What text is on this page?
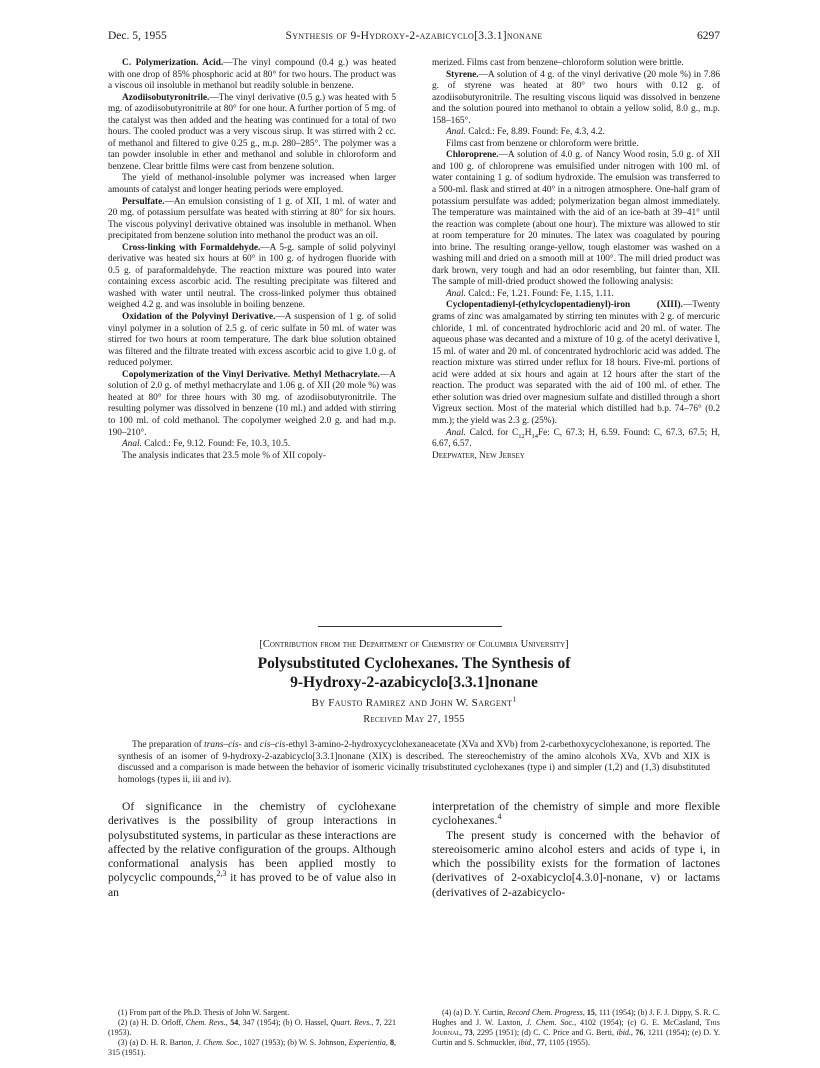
Dec. 5, 1955	Synthesis of 9-Hydroxy-2-azabicyclo[3.3.1]nonane	6297

C. Polymerization. Acid.—The vinyl compound (0.4 g.) was heated with one drop of 85% phosphoric acid at 80° for two hours. The product was a viscous oil insoluble in methanol but readily soluble in benzene.

Azodiisobutyronitrile.—The vinyl derivative (0.5 g.) was heated with 5 mg. of azodiisobutyronitrile at 80° for one hour. A further portion of 5 mg. of the catalyst was then added and the heating was continued for a total of two hours. The cooled product was a very viscous sirup. It was stirred with 2 cc. of methanol and filtered to give 0.25 g., m.p. 280–285°. The polymer was a tan powder insoluble in ether and methanol and soluble in chloroform and benzene. Clear brittle films were cast from benzene solution.

The yield of methanol-insoluble polymer was increased when larger amounts of catalyst and longer heating periods were employed.

Persulfate.—An emulsion consisting of 1 g. of XII, 1 ml. of water and 20 mg. of potassium persulfate was heated with stirring at 80° for six hours. The viscous polyvinyl derivative obtained was insoluble in methanol. When precipitated from benzene solution into methanol the product was an oil.

Cross-linking with Formaldehyde.—A 5-g. sample of solid polyvinyl derivative was heated six hours at 60° in 100 g. of hydrogen fluoride with 0.5 g. of paraformaldehyde. The reaction mixture was poured into water containing excess ascorbic acid. The resulting precipitate was filtered and washed with water until neutral. The cross-linked polymer thus obtained weighed 4.2 g. and was insoluble in boiling benzene.

Oxidation of the Polyvinyl Derivative.—A suspension of 1 g. of solid vinyl polymer in a solution of 2.5 g. of ceric sulfate in 50 ml. of water was stirred for two hours at room temperature. The dark blue solution obtained was filtered and the filtrate treated with excess ascorbic acid to give 1.0 g. of reduced polymer.

Copolymerization of the Vinyl Derivative. Methyl Methacrylate.—A solution of 2.0 g. of methyl methacrylate and 1.06 g. of XII (20 mole %) was heated at 80° for three hours with 30 mg. of azodiisobutyronitrile. The resulting polymer was dissolved in benzene (10 ml.) and added with stirring to 100 ml. of cold methanol. The copolymer weighed 2.0 g. and had m.p. 190–210°.

Anal. Calcd.: Fe, 9.12. Found: Fe, 10.3, 10.5.

The analysis indicates that 23.5 mole % of XII copoly-

merized. Films cast from benzene–chloroform solution were brittle.

Styrene.—A solution of 4 g. of the vinyl derivative (20 mole %) in 7.86 g. of styrene was heated at 80° two hours with 0.12 g. of azodiisobutyronitrile. The resulting viscous liquid was dissolved in benzene and the solution poured into methanol to obtain a yellow solid, 8.0 g., m.p. 158–165°.

Anal. Calcd.: Fe, 8.89. Found: Fe, 4.3, 4.2.

Films cast from benzene or chloroform were brittle.

Chloroprene.—A solution of 4.0 g. of Nancy Wood rosin, 5.0 g. of XII and 100 g. of chloroprene was emulsified under nitrogen with 100 ml. of water containing 1 g. of sodium hydroxide. The emulsion was transferred to a 500-ml. flask and stirred at 40° in a nitrogen atmosphere. One-half gram of potassium persulfate was added; polymerization began almost immediately. The temperature was maintained with the aid of an ice-bath at 39–41° until the reaction was complete (about one hour). The mixture was allowed to stir at room temperature for 20 minutes. The latex was coagulated by pouring into brine. The resulting orange-yellow, tough elastomer was washed on a washing mill and dried on a smooth mill at 100°. The mill dried product was dark brown, very tough and had an odor resembling, but fainter than, XII. The sample of mill-dried product showed the following analysis:

Anal. Calcd.: Fe, 1.21. Found: Fe, 1.15, 1.11.

Cyclopentadienyl-(ethylcyclopentadienyl)-iron (XIII).—Twenty grams of zinc was amalgamated by stirring ten minutes with 2 g. of mercuric chloride, 1 ml. of concentrated hydrochloric acid and 20 ml. of water. The aqueous phase was decanted and a mixture of 10 g. of the acetyl derivative I, 15 ml. of water and 20 ml. of concentrated hydrochloric acid was added. The reaction mixture was stirred under reflux for 18 hours. Five-ml. portions of acid were added at six hours and again at 12 hours after the start of the reaction. The product was separated with the aid of 100 ml. of ether. The ether solution was dried over magnesium sulfate and distilled through a short Vigreux section. Most of the material which distilled had b.p. 74–76° (0.2 mm.); the yield was 2.3 g. (25%).

Anal. Calcd. for $C_{12}H_{14}Fe$: C, 67.3; H, 6.59. Found: C, 67.3, 67.5; H, 6.67, 6.57.

Deepwater, New Jersey

[Contribution from the Department of Chemistry of Columbia University]
Polysubstituted Cyclohexanes. The Synthesis of
9-Hydroxy-2-azabicyclo[3.3.1]nonane
By Fausto Ramirez and John W. Sargent$^1$
Received May 27, 1955

The preparation of trans–cis- and cis–cis-ethyl 3-amino-2-hydroxycyclohexaneacetate (XVa and XVb) from 2-carbethoxycyclohexanone, is reported. The synthesis of an isomer of 9-hydroxy-2-azabicyclo[3.3.1]nonane (XIX) is described. The stereochemistry of the amino alcohols XVa, XVb and XIX is discussed and a comparison is made between the behavior of isomeric vicinally trisubstituted cyclohexanes (type i) and simpler (1,2) and (1,3) disubstituted homologs (types ii, iii and iv).

Of significance in the chemistry of cyclohexane derivatives is the possibility of group interactions in polysubstituted systems, in particular as these interactions are affected by the relative configuration of the groups. Although conformational analysis has been applied mostly to polycyclic compounds,$^{2,3}$ it has proved to be of value also in an

interpretation of the chemistry of simple and more flexible cyclohexanes.$^4$

The present study is concerned with the behavior of stereoisomeric amino alcohol esters and acids of type i, in which the possibility exists for the formation of lactones (derivatives of 2-oxabicyclo[4.3.0]-nonane, v) or lactams (derivatives of 2-azabicyclo-

(1) From part of the Ph.D. Thesis of John W. Sargent.

(2) (a) H. D. Orloff, Chem. Revs., 54, 347 (1954); (b) O. Hassel, Quart. Revs., 7, 221 (1953).

(3) (a) D. H. R. Barton, J. Chem. Soc., 1027 (1953); (b) W. S. Johnson, Experientia, 8, 315 (1951).

(4) (a) D. Y. Curtin, Record Chem. Progress, 15, 111 (1954); (b) J. F. J. Dippy, S. R. C. Hughes and J. W. Laxton, J. Chem. Soc., 4102 (1954); (c) G. E. McCasland, This Journal, 73, 2295 (1951); (d) C. C. Price and G. Berti, ibid., 76, 1211 (1954); (e) D. Y. Curtin and S. Schmuckler, ibid., 77, 1105 (1955).
